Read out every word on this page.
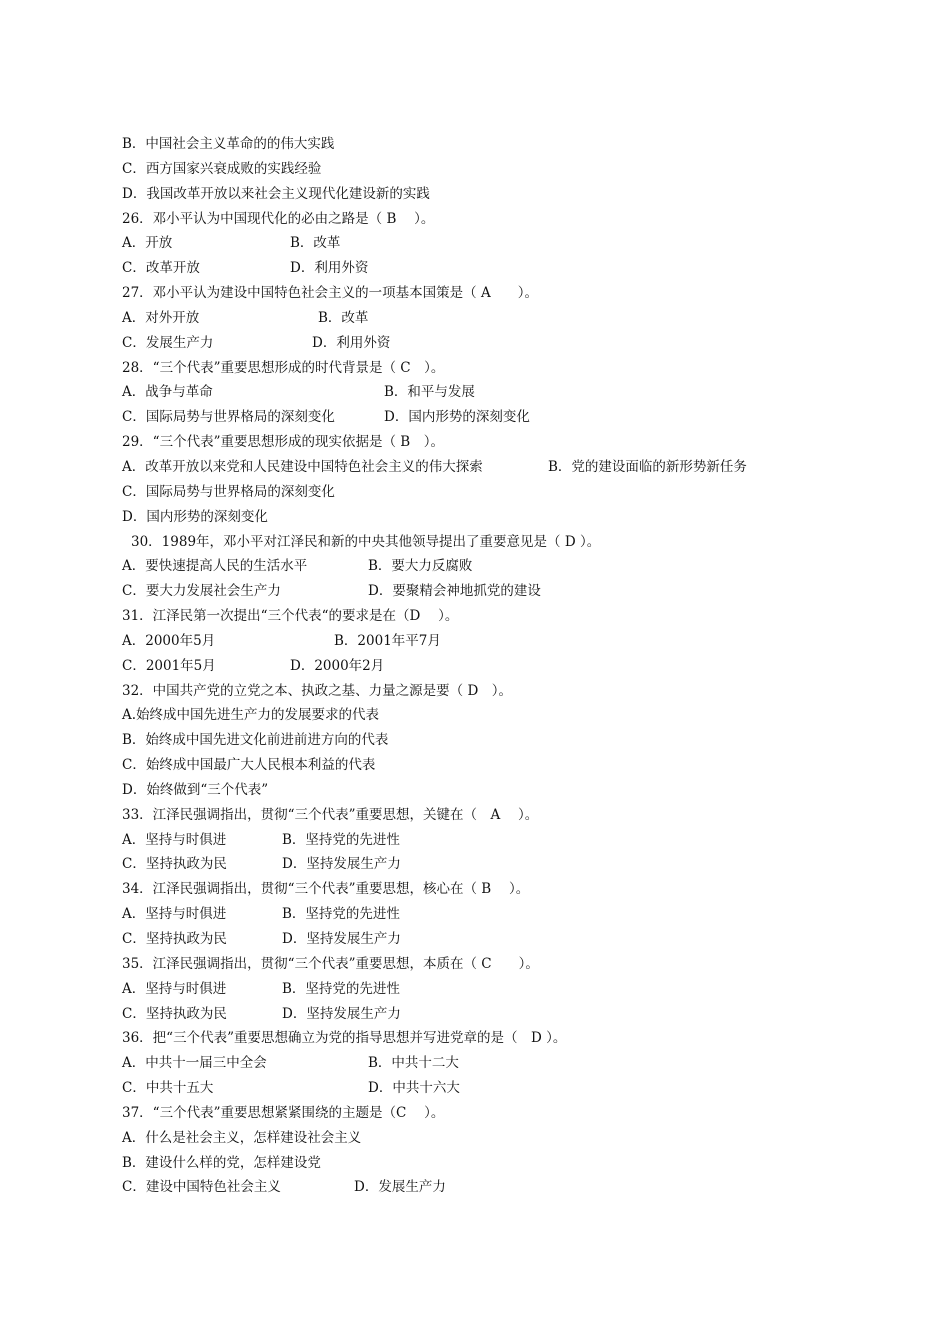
B．中国社会主义革命的的伟大实践
C．西方国家兴衰成败的实践经验
D．我国改革开放以来社会主义现代化建设新的实践
26．邓小平认为中国现代化的必由之路是（ B　 ）。
A．开放	B．改革
C．改革开放	D．利用外资
27．邓小平认为建设中国特色社会主义的一项基本国策是（ A　　）。
A．对外开放	B．改革
C．发展生产力	D．利用外资
28．“三个代表”重要思想形成的时代背景是（ C　）。
A．战争与革命	B．和平与发展
C．国际局势与世界格局的深刻变化	D．国内形势的深刻变化
29．“三个代表”重要思想形成的现实依据是（ B　）。
A．改革开放以来党和人民建设中国特色社会主义的伟大探索	B．党的建设面临的新形势新任务
C．国际局势与世界格局的深刻变化
D．国内形势的深刻变化
30．1989年，邓小平对江泽民和新的中央其他领导提出了重要意见是（ D ）。
A．要快速提高人民的生活水平	B．要大力反腐败
C．要大力发展社会生产力	D．要聚精会神地抓党的建设
31．江泽民第一次提出“三个代表“的要求是在（D　 ）。
A．2000年5月	B．2001年平7月
C．2001年5月	D．2000年2月
32．中国共产党的立党之本、执政之基、力量之源是要（ D　）。
A.始终成中国先进生产力的发展要求的代表
B．始终成中国先进文化前进前进方向的代表
C．始终成中国最广大人民根本利益的代表
D．始终做到“三个代表”
33．江泽民强调指出，贯彻“三个代表”重要思想，关键在（　A　 ）。
A．坚持与时俱进	B．坚持党的先进性
C．坚持执政为民	D．坚持发展生产力
34．江泽民强调指出，贯彻“三个代表”重要思想，核心在（ B　 ）。
A．坚持与时俱进	B．坚持党的先进性
C．坚持执政为民	D．坚持发展生产力
35．江泽民强调指出，贯彻“三个代表”重要思想，本质在（ C　　）。
A．坚持与时俱进	B．坚持党的先进性
C．坚持执政为民	D．坚持发展生产力
36．把“三个代表”重要思想确立为党的指导思想并写进党章的是（　D ）。
A．中共十一届三中全会	B．中共十二大
C．中共十五大	D．中共十六大
37．“三个代表”重要思想紧紧围绕的主题是（C　 ）。
A．什么是社会主义，怎样建设社会主义
B．建设什么样的党，怎样建设党
C．建设中国特色社会主义	D．发展生产力
